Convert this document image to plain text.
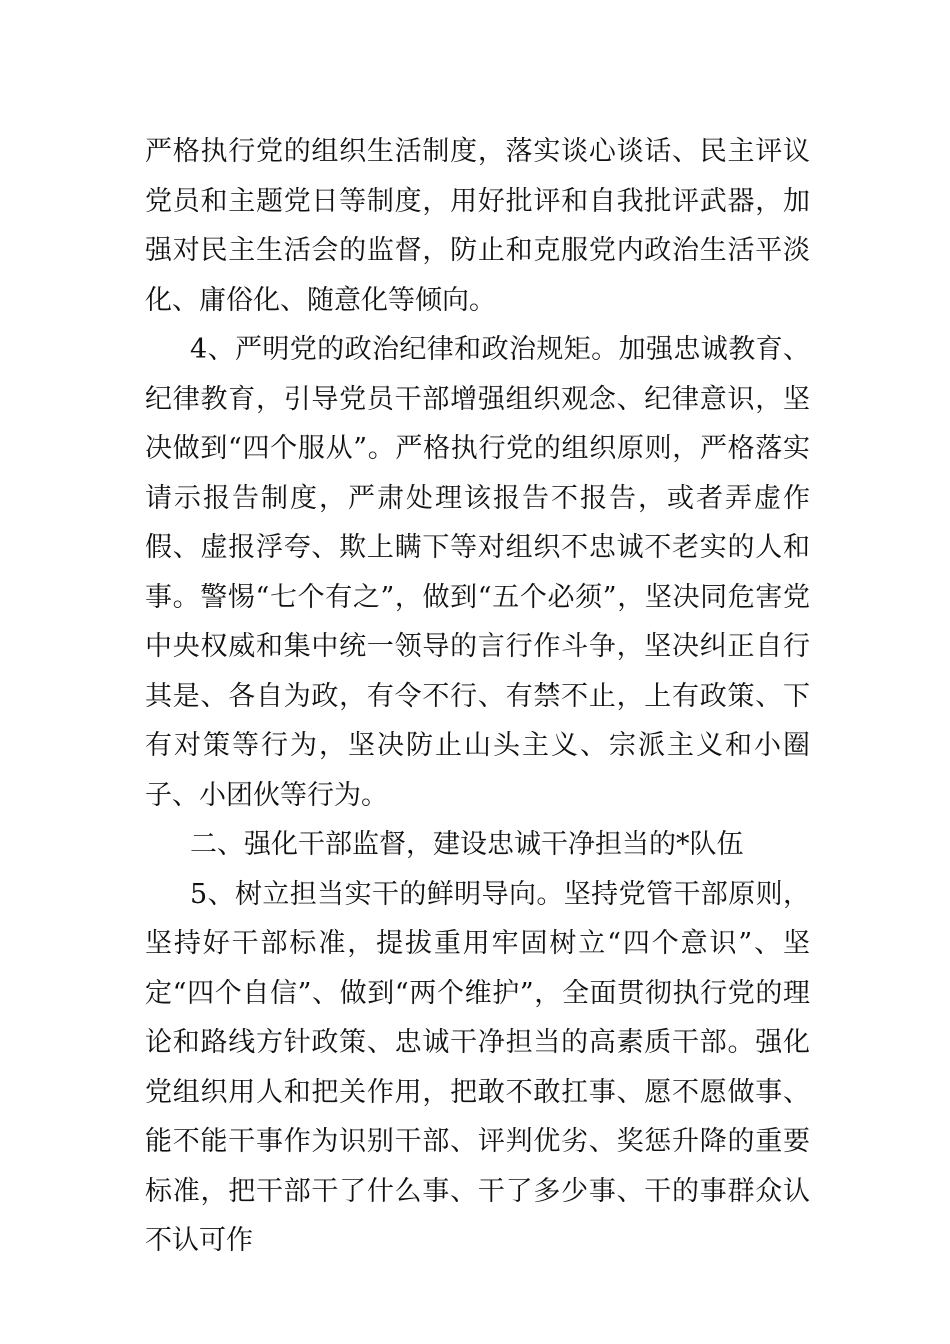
严格执行党的组织生活制度，落实谈心谈话、民主评议党员和主题党日等制度，用好批评和自我批评武器，加强对民主生活会的监督，防止和克服党内政治生活平淡化、庸俗化、随意化等倾向。

4、严明党的政治纪律和政治规矩。加强忠诚教育、纪律教育，引导党员干部增强组织观念、纪律意识，坚决做到“四个服从”。严格执行党的组织原则，严格落实请示报告制度，严肃处理该报告不报告，或者弄虚作假、虚报浮夸、欺上瞒下等对组织不忠诚不老实的人和事。警惕“七个有之”，做到“五个必须”，坚决同危害党中央权威和集中统一领导的言行作斗争，坚决纠正自行其是、各自为政，有令不行、有禁不止，上有政策、下有对策等行为，坚决防止山头主义、宗派主义和小圈子、小团伙等行为。

二、强化干部监督，建设忠诚干净担当的*队伍

5、树立担当实干的鲜明导向。坚持党管干部原则，坚持好干部标准，提拔重用牢固树立“四个意识”、坚定“四个自信”、做到“两个维护”，全面贯彻执行党的理论和路线方针政策、忠诚干净担当的高素质干部。强化党组织用人和把关作用，把敢不敢扛事、愿不愿做事、能不能干事作为识别干部、评判优劣、奖惩升降的重要标准，把干部干了什么事、干了多少事、干的事群众认不认可作
